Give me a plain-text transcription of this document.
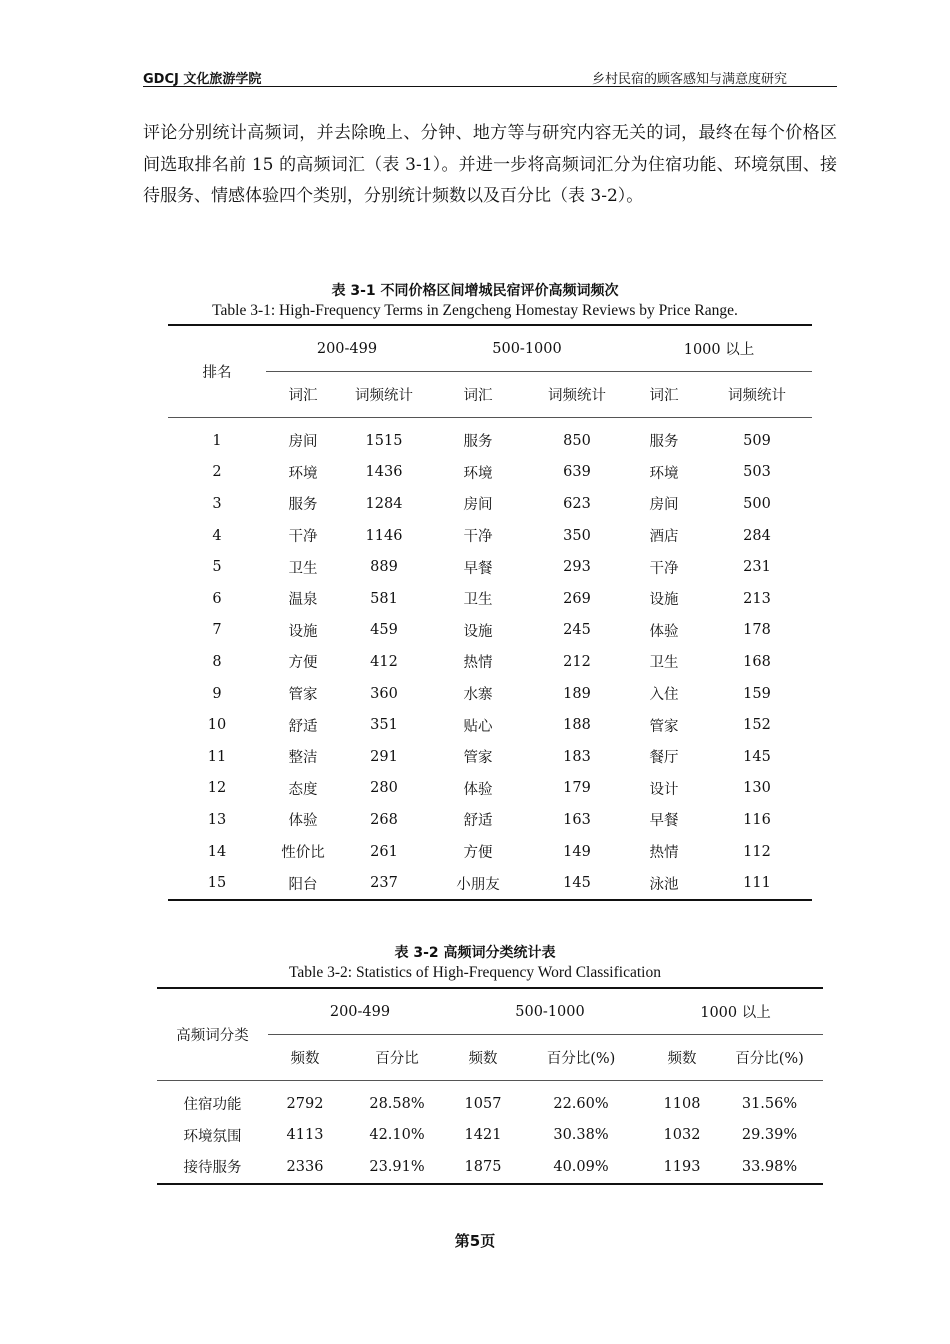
GDCJ 文化旅游学院	乡村民宿的顾客感知与满意度研究
评论分别统计高频词，并去除晚上、分钟、地方等与研究内容无关的词，最终在每个价格区间选取排名前 15 的高频词汇（表 3-1）。并进一步将高频词汇分为住宿功能、环境氛围、接待服务、情感体验四个类别，分别统计频数以及百分比（表 3-2）。
表 3-1 不同价格区间增城民宿评价高频词频次
Table 3-1: High-Frequency Terms in Zengcheng Homestay Reviews by Price Range.
排名	200-499		500-1000		1000 以上	
	词汇	词频统计	词汇	词频统计	词汇	词频统计

1	房间	1515	服务	850	服务	509
2	环境	1436	环境	639	环境	503
3	服务	1284	房间	623	房间	500
4	干净	1146	干净	350	酒店	284
5	卫生	889	早餐	293	干净	231
6	温泉	581	卫生	269	设施	213
7	设施	459	设施	245	体验	178
8	方便	412	热情	212	卫生	168
9	管家	360	水寨	189	入住	159
10	舒适	351	贴心	188	管家	152
11	整洁	291	管家	183	餐厅	145
12	态度	280	体验	179	设计	130
13	体验	268	舒适	163	早餐	116
14	性价比	261	方便	149	热情	112
15	阳台	237	小朋友	145	泳池	111
表 3-2 高频词分类统计表
Table 3-2: Statistics of High-Frequency Word Classification
高频词分类	200-499		500-1000		1000 以上	
	频数	百分比	频数	百分比(%)	频数	百分比(%)

住宿功能	2792	28.58%	1057	22.60%	1108	31.56%
环境氛围	4113	42.10%	1421	30.38%	1032	29.39%
接待服务	2336	23.91%	1875	40.09%	1193	33.98%
第5页
